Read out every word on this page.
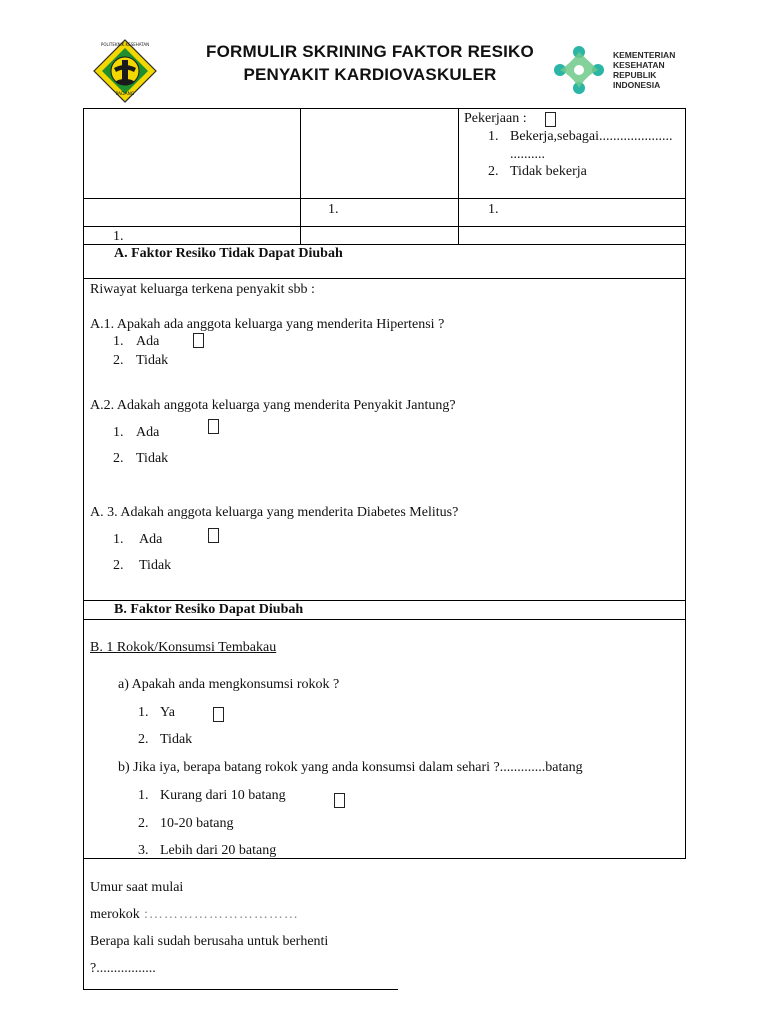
POLITEKNIK KESEHATAN
PADANG
FORMULIR SKRINING FAKTOR RESIKO
PENYAKIT KARDIOVASKULER
KEMENTERIAN
KESEHATAN
REPUBLIK
INDONESIA
Pekerjaan :
1. Bekerja,sebagai.....................
..........
2. Tidak bekerja
1.	1.
1.
A. Faktor Resiko Tidak Dapat Diubah
Riwayat keluarga terkena penyakit sbb :
A.1. Apakah ada anggota keluarga yang menderita Hipertensi ?
1. Ada
2. Tidak
A.2. Adakah anggota keluarga yang menderita Penyakit Jantung?
1. Ada
2. Tidak
A. 3. Adakah anggota keluarga yang menderita Diabetes Melitus?
1. Ada
2. Tidak
B. Faktor Resiko Dapat Diubah
B. 1 Rokok/Konsumsi Tembakau
a) Apakah anda mengkonsumsi rokok ?
1. Ya
2. Tidak
b) Jika iya, berapa batang rokok yang anda konsumsi dalam sehari ?.............batang
1. Kurang dari 10 batang
2. 10-20 batang
3. Lebih dari 20 batang
Umur saat mulai
merokok :…………………………
Berapa kali sudah berusaha untuk berhenti
?.................
